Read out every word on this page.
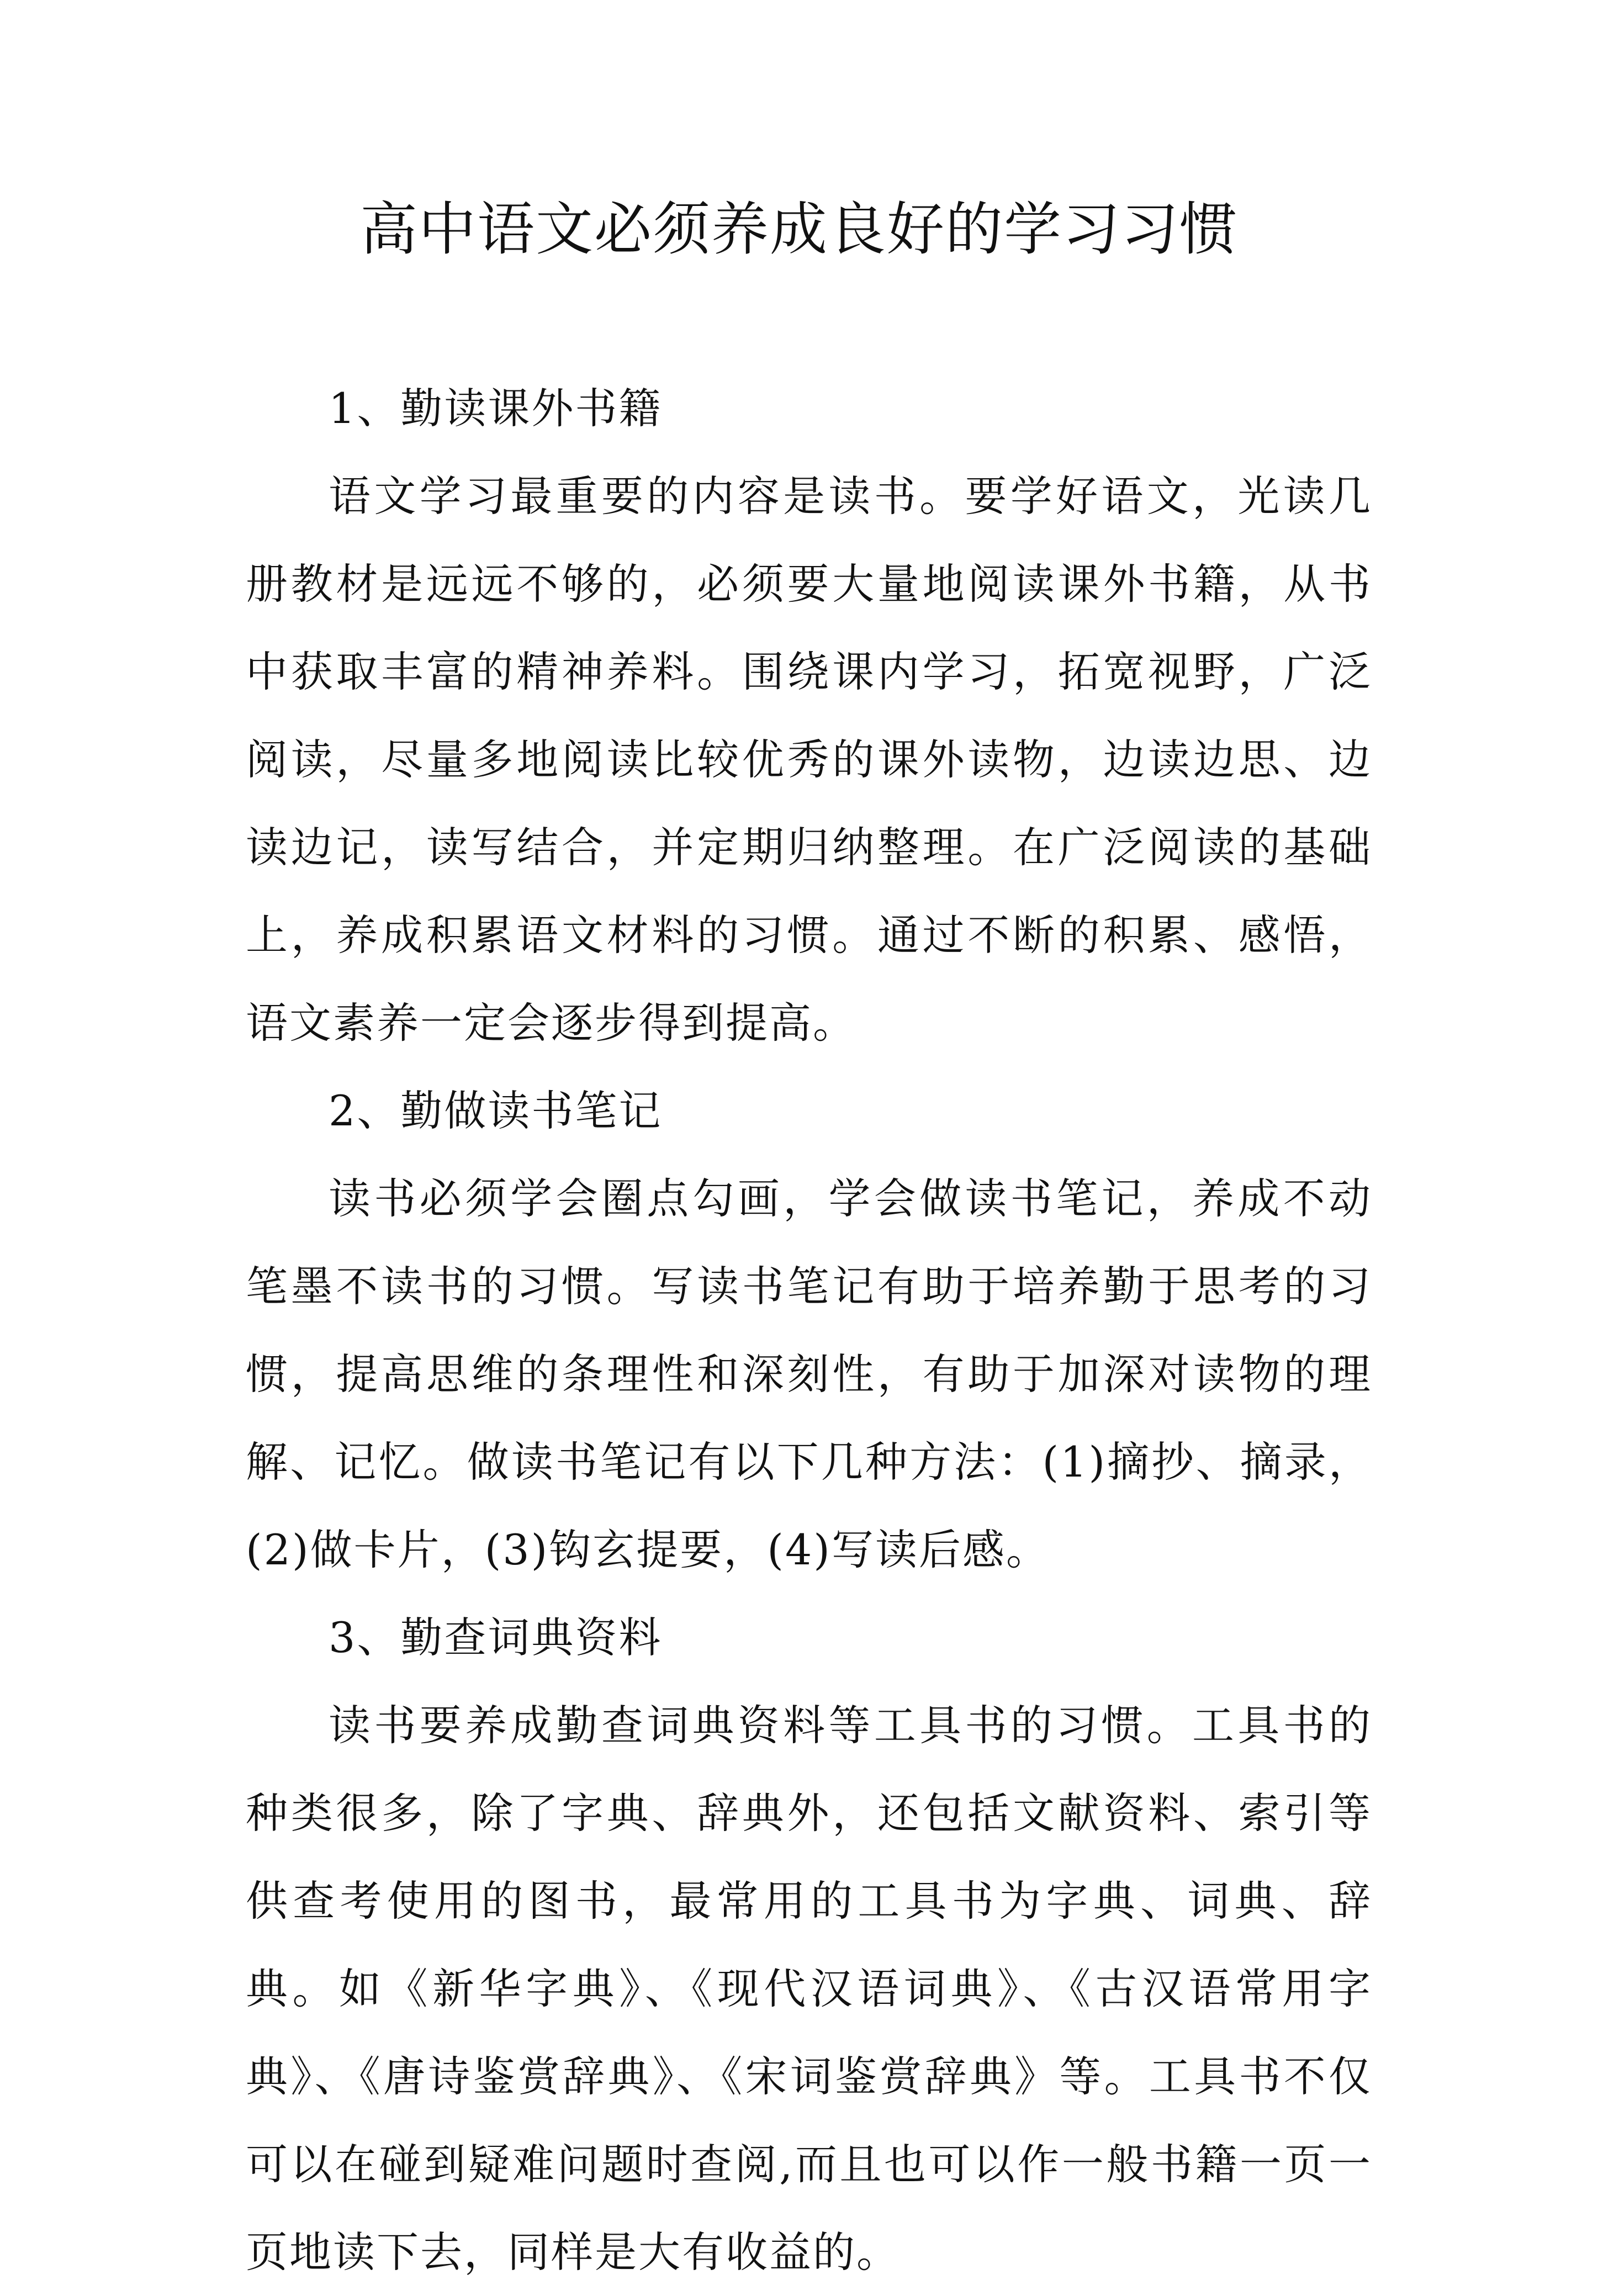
高中语文必须养成良好的学习习惯

1、勤读课外书籍

语文学习最重要的内容是读书。要学好语文，光读几册教材是远远不够的，必须要大量地阅读课外书籍，从书中获取丰富的精神养料。围绕课内学习，拓宽视野，广泛阅读，尽量多地阅读比较优秀的课外读物，边读边思、边读边记，读写结合，并定期归纳整理。在广泛阅读的基础上，养成积累语文材料的习惯。通过不断的积累、感悟，语文素养一定会逐步得到提高。

2、勤做读书笔记

读书必须学会圈点勾画，学会做读书笔记，养成不动笔墨不读书的习惯。写读书笔记有助于培养勤于思考的习惯，提高思维的条理性和深刻性，有助于加深对读物的理解、记忆。做读书笔记有以下几种方法：(1)摘抄、摘录，(2)做卡片，(3)钩玄提要，(4)写读后感。

3、勤查词典资料

读书要养成勤查词典资料等工具书的习惯。工具书的种类很多，除了字典、辞典外，还包括文献资料、索引等供查考使用的图书，最常用的工具书为字典、词典、辞典。如《新华字典》、《现代汉语词典》、《古汉语常用字典》、《唐诗鉴赏辞典》、《宋词鉴赏辞典》等。工具书不仅可以在碰到疑难问题时查阅,而且也可以作一般书籍一页一页地读下去，同样是大有收益的。
